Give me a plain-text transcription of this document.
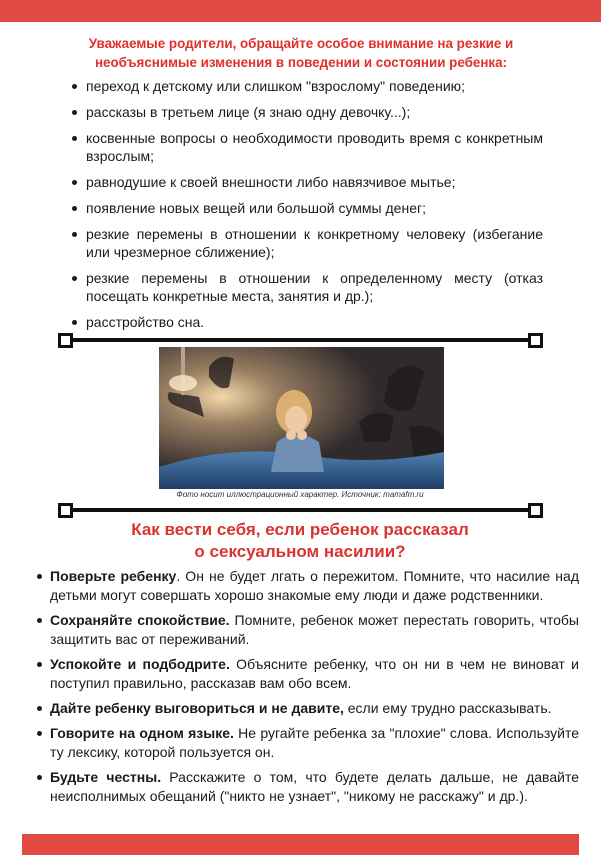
Уважаемые родители, обращайте особое внимание на резкие и необъяснимые изменения в поведении и состоянии ребенка:
переход к детскому или слишком "взрослому" поведению;
рассказы в третьем лице (я знаю одну девочку...);
косвенные вопросы о необходимости проводить время с конкретным взрослым;
равнодушие к своей внешности либо навязчивое мытье;
появление новых вещей или большой суммы денег;
резкие перемены в отношении к конкретному человеку (избегание или чрезмерное сближение);
резкие перемены в отношении к определенному месту (отказ посещать конкретные места, занятия и др.);
расстройство сна.
Фото носит иллюстрационный характер. Источник: mamafm.ru
Как вести себя, если ребенок рассказал
о сексуальном насилии?
Поверьте ребенку. Он не будет лгать о пережитом. Помните, что насилие над детьми могут совершать хорошо знакомые ему люди и даже родственники.
Сохраняйте спокойствие. Помните, ребенок может перестать говорить, чтобы защитить вас от переживаний.
Успокойте и подбодрите. Объясните ребенку, что он ни в чем не виноват и поступил правильно, рассказав вам обо всем.
Дайте ребенку выговориться и не давите, если ему трудно рассказывать.
Говорите на одном языке. Не ругайте ребенка за "плохие" слова. Используйте ту лексику, которой пользуется он.
Будьте честны. Расскажите о том, что будете делать дальше, не давайте неисполнимых обещаний ("никто не узнает", "никому не расскажу" и др.).
